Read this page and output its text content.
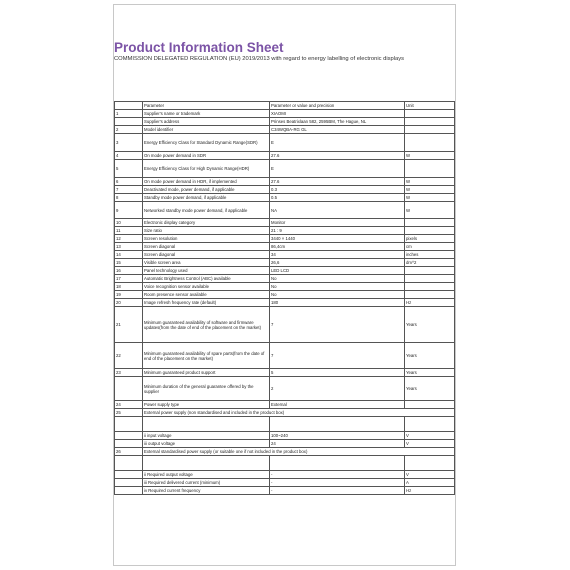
Product Information Sheet
COMMISSION DELEGATED REGULATION (EU) 2019/2013 with regard to energy labelling of electronic displays
	Parameter	Parameter or value and precision	Unit
1	Supplier's name or trademark	XIAOMI	
	Supplier's address	Prinses Beatrixlaan 582, 2595BM, The Hague, NL	
2	Model identifier	C34WQBA-RG GL	
3	Energy Efficiency Class for Standard Dynamic Range(SDR)	E	
4	On mode power demand in SDR	27.6	W
5	Energy Efficiency Class for High Dynamic Range(HDR)	E	
6	On mode power demand in HDR, if implemented	27.6	W
7	Deactivated mode, power demand, if applicable	0.3	W
8	Standby mode power demand, if applicable	0.5	W
9	Networked standby mode power demand, if applicable	NA	W
10	Electronic display category	Monitor	
11	Size ratio	21 : 9	
12	Screen resolution	3440 × 1440	pixels
13	Screen diagonal	86,4cm	cm
14	Screen diagonal	34	inches
15	Visible screen area	26,6	dm^2
16	Panel technology used	LED LCD	
17	Automatic Brightness Control (ABC) available	No	
18	Voice recognition sensor available	No	
19	Room presence sensor available	No	
20	Image refresh frequency rate (default)	180	Hz
21	Minimum guaranteed availability of software and firmware updates(from the date of end of the placement on the market)	7	Years
22	Minimum guaranteed availability of spare parts(from the date of end of the placement on the market)	7	Years
23	Minimum guaranteed product support	5	Years
	Minimum duration of the general guarantee offered by the supplier	2	Years
24	Power supply type	External	
25	External power supply (non standardised and included in the product box)		

	ii input voltage	100~240	V
	iii output voltage	24	V
26	External standardised power supply (or suitable one if not included in the product box)		

	ii Required output voltage	-	V
	iii Required delivered current (minimum)	-	A
	iv Required current frequency	-	Hz
